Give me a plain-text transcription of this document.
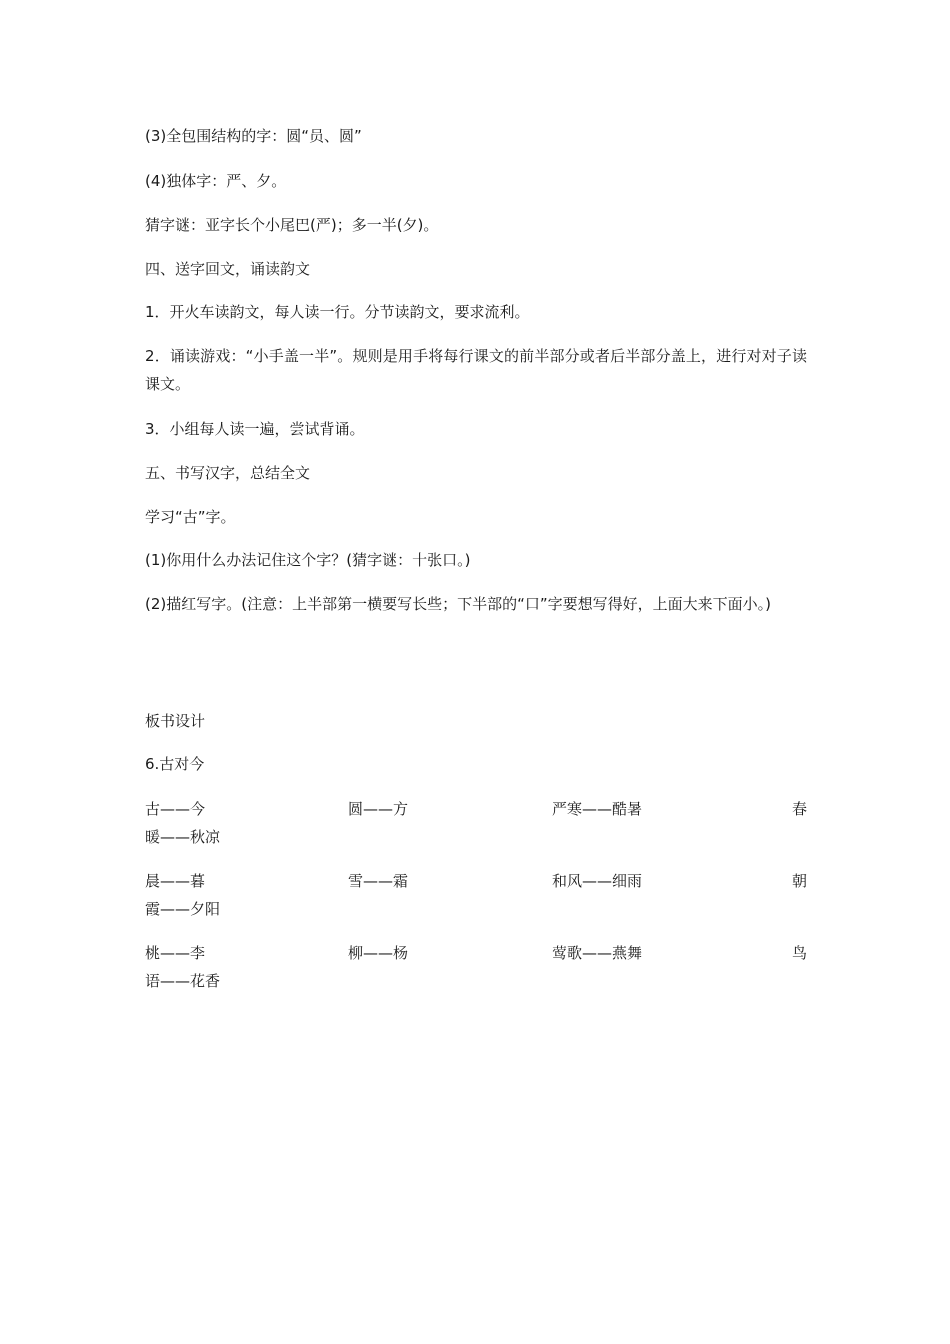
(3)全包围结构的字：圆“员、圆”
(4)独体字：严、夕。
猜字谜：亚字长个小尾巴(严)；多一半(夕)。
四、送字回文，诵读韵文
1．开火车读韵文，每人读一行。分节读韵文，要求流利。
2．诵读游戏：“小手盖一半”。规则是用手将每行课文的前半部分或者后半部分盖上，进行对对子读课文。
3．小组每人读一遍，尝试背诵。
五、书写汉字，总结全文
学习“古”字。
(1)你用什么办法记住这个字？(猜字谜：十张口。)
(2)描红写字。(注意：上半部第一横要写长些；下半部的“口”字要想写得好，上面大来下面小。)
板书设计
6.古对今
古——今	圆——方	严寒——酷暑	春
暖——秋凉
晨——暮	雪——霜	和风——细雨	朝
霞——夕阳
桃——李	柳——杨	莺歌——燕舞	鸟
语——花香
